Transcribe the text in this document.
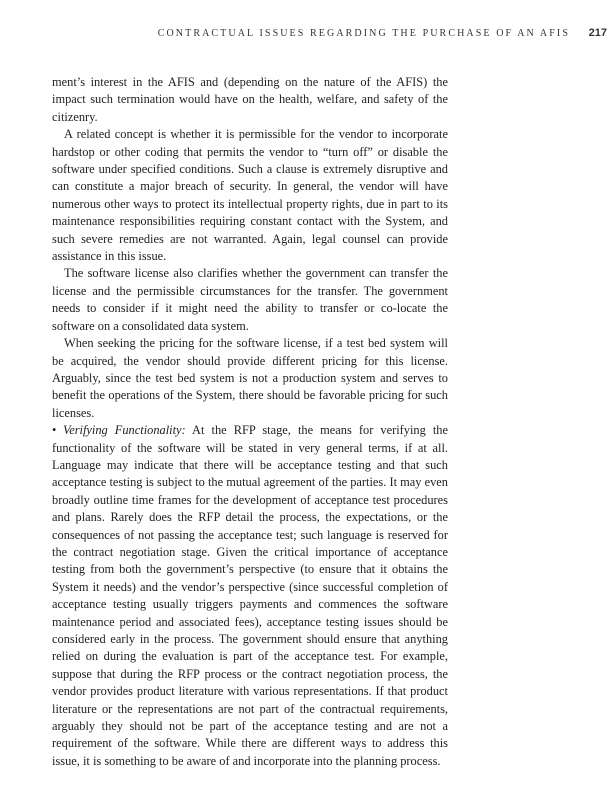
CONTRACTUAL ISSUES REGARDING THE PURCHASE OF AN AFIS 217

ment’s interest in the AFIS and (depending on the nature of the AFIS) the impact such termination would have on the health, welfare, and safety of the citizenry.

A related concept is whether it is permissible for the vendor to incorporate hardstop or other coding that permits the vendor to “turn off” or disable the software under specified conditions. Such a clause is extremely disruptive and can constitute a major breach of security. In general, the vendor will have numerous other ways to protect its intellectual property rights, due in part to its maintenance responsibilities requiring constant contact with the System, and such severe remedies are not warranted. Again, legal counsel can provide assistance in this issue.

The software license also clarifies whether the government can transfer the license and the permissible circumstances for the transfer. The government needs to consider if it might need the ability to transfer or co-locate the software on a consolidated data system.

When seeking the pricing for the software license, if a test bed system will be acquired, the vendor should provide different pricing for this license. Arguably, since the test bed system is not a production system and serves to benefit the operations of the System, there should be favorable pricing for such licenses.

• Verifying Functionality: At the RFP stage, the means for verifying the functionality of the software will be stated in very general terms, if at all. Language may indicate that there will be acceptance testing and that such acceptance testing is subject to the mutual agreement of the parties. It may even broadly outline time frames for the development of acceptance test procedures and plans. Rarely does the RFP detail the process, the expectations, or the consequences of not passing the acceptance test; such language is reserved for the contract negotiation stage. Given the critical importance of acceptance testing from both the government’s perspective (to ensure that it obtains the System it needs) and the vendor’s perspective (since successful completion of acceptance testing usually triggers payments and commences the software maintenance period and associated fees), acceptance testing issues should be considered early in the process. The government should ensure that anything relied on during the evaluation is part of the acceptance test. For example, suppose that during the RFP process or the contract negotiation process, the vendor provides product literature with various representations. If that product literature or the representations are not part of the contractual requirements, arguably they should not be part of the acceptance testing and are not a requirement of the software. While there are different ways to address this issue, it is something to be aware of and incorporate into the planning process.
